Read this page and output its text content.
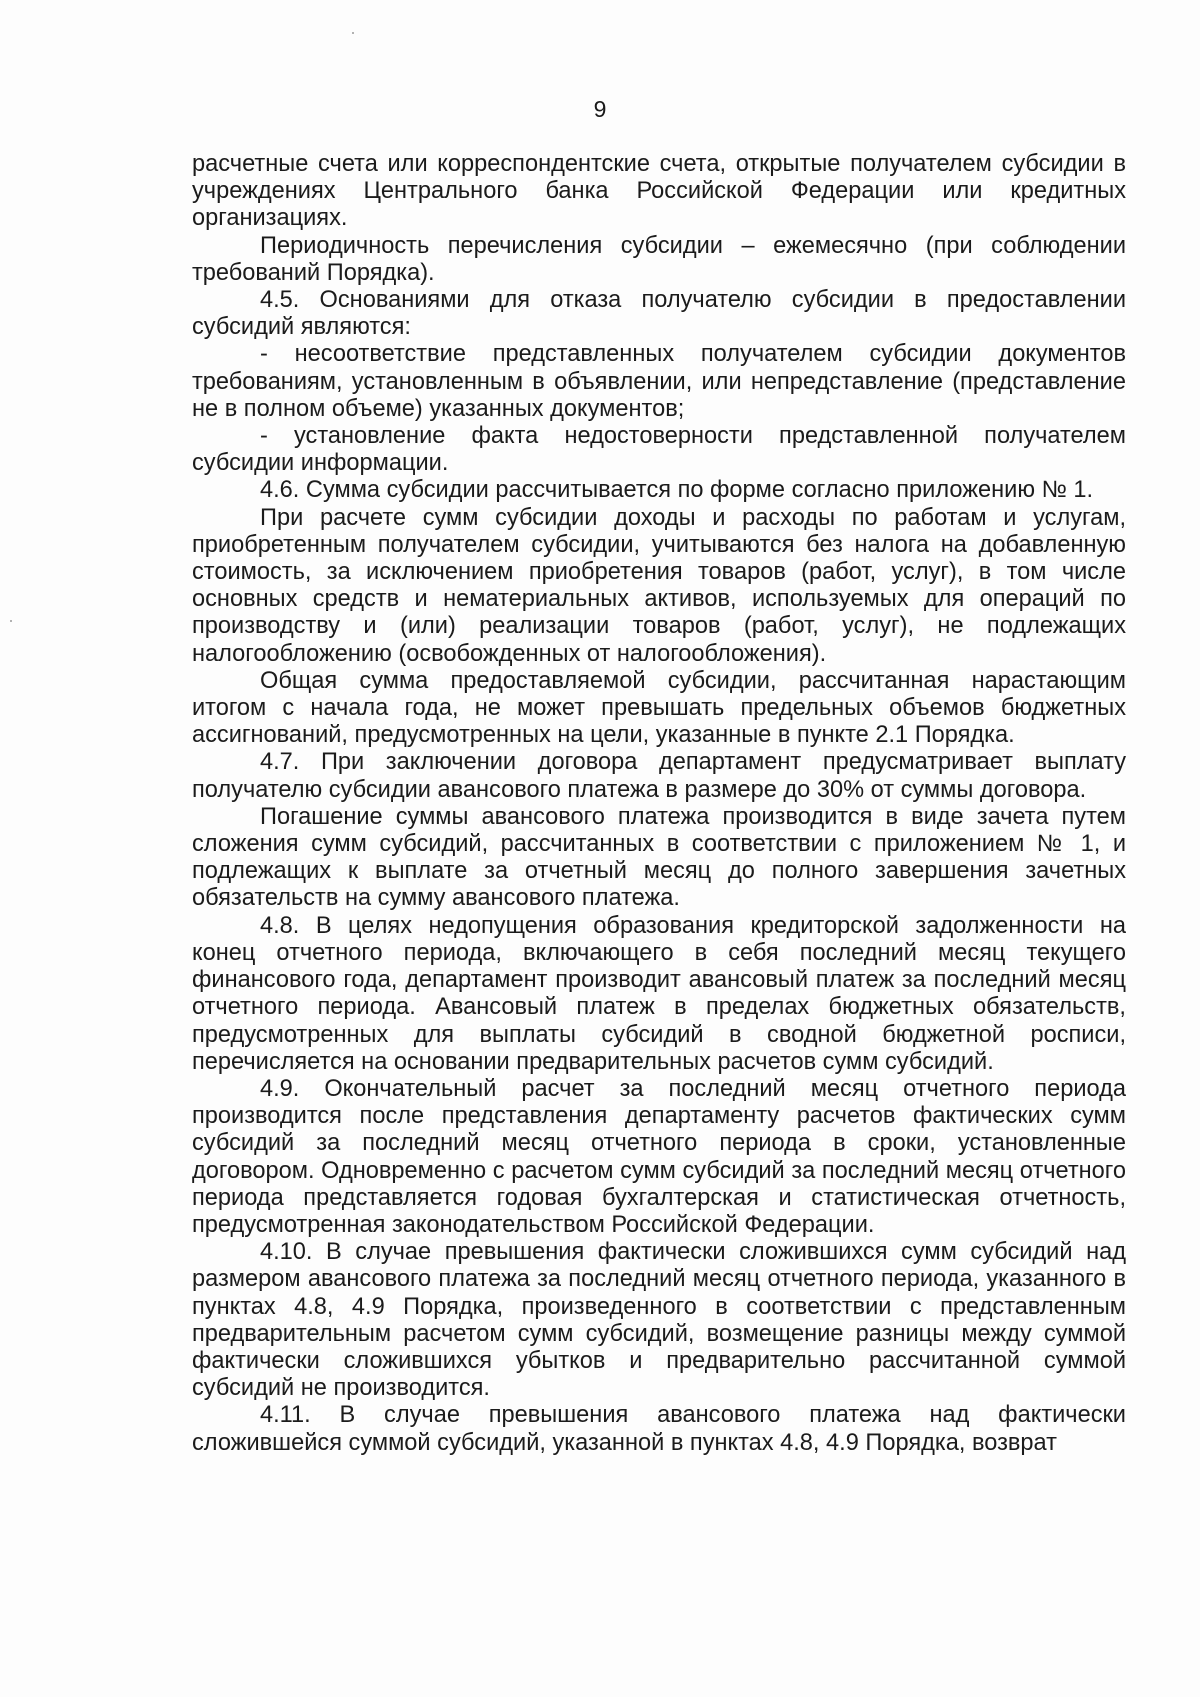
9

расчетные счета или корреспондентские счета, открытые получателем субсидии в учреждениях Центрального банка Российской Федерации или кредитных организациях.

Периодичность перечисления субсидии – ежемесячно (при соблюдении требований Порядка).

4.5. Основаниями для отказа получателю субсидии в предоставлении субсидий являются:

- несоответствие представленных получателем субсидии документов требованиям, установленным в объявлении, или непредставление (представление не в полном объеме) указанных документов;

- установление факта недостоверности представленной получателем субсидии информации.

4.6. Сумма субсидии рассчитывается по форме согласно приложению № 1.

При расчете сумм субсидии доходы и расходы по работам и услугам, приобретенным получателем субсидии, учитываются без налога на добавленную стоимость, за исключением приобретения товаров (работ, услуг), в том числе основных средств и нематериальных активов, используемых для операций по производству и (или) реализации товаров (работ, услуг), не подлежащих налогообложению (освобожденных от налогообложения).

Общая сумма предоставляемой субсидии, рассчитанная нарастающим итогом с начала года, не может превышать предельных объемов бюджетных ассигнований, предусмотренных на цели, указанные в пункте 2.1 Порядка.

4.7. При заключении договора департамент предусматривает выплату получателю субсидии авансового платежа в размере до 30% от суммы договора.

Погашение суммы авансового платежа производится в виде зачета путем сложения сумм субсидий, рассчитанных в соответствии с приложением № 1, и подлежащих к выплате за отчетный месяц до полного завершения зачетных обязательств на сумму авансового платежа.

4.8. В целях недопущения образования кредиторской задолженности на конец отчетного периода, включающего в себя последний месяц текущего финансового года, департамент производит авансовый платеж за последний месяц отчетного периода. Авансовый платеж в пределах бюджетных обязательств, предусмотренных для выплаты субсидий в сводной бюджетной росписи, перечисляется на основании предварительных расчетов сумм субсидий.

4.9. Окончательный расчет за последний месяц отчетного периода производится после представления департаменту расчетов фактических сумм субсидий за последний месяц отчетного периода в сроки, установленные договором. Одновременно с расчетом сумм субсидий за последний месяц отчетного периода представляется годовая бухгалтерская и статистическая отчетность, предусмотренная законодательством Российской Федерации.

4.10. В случае превышения фактически сложившихся сумм субсидий над размером авансового платежа за последний месяц отчетного периода, указанного в пунктах 4.8, 4.9 Порядка, произведенного в соответствии с представленным предварительным расчетом сумм субсидий, возмещение разницы между суммой фактически сложившихся убытков и предварительно рассчитанной суммой субсидий не производится.

4.11. В случае превышения авансового платежа над фактически сложившейся суммой субсидий, указанной в пунктах 4.8, 4.9 Порядка, возврат
